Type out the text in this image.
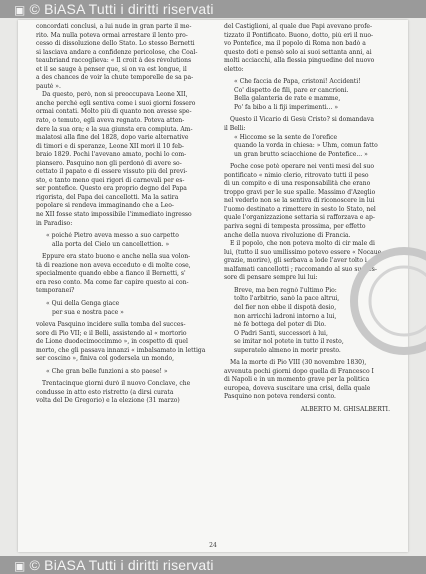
▣ © BiASA Tutti i diritti riservati
concordati conclusi, a lui nude in gran parte il me-
rito. Ma nulla poteva ormai arrestare il lento pro-
cesso di dissoluzione dello Stato. Lo stesso Bernetti
si lasciava andare a confidenze pericolose, che Coal-
teaubriand raccoglieva: « Il croit à des révolutions
et il se sauge à penser que, si on va est longue, il
a des chances de voir la chute temporelle de sa pa-
pauté ».
Da questo, però, non si preoccupava Leone XII,
anche perché egli sentiva come i suoi giorni fossero
ormai contati. Molto più di quanto non avesse spe-
rato, o temuto, egli aveva regnato. Poteva atten-
dere la sua ora; e la sua giunsta era compiuta. Am-
malatosi alla fine del 1828, dopo varie alternative
di timori e di speranze, Leone XII morì il 10 feb-
braio 1829. Pochi l'avevano amato, pochi lo com-
piansero. Pasquino non gli perdonò di avere so-
cettato il papato e di essere vissuto più del previ-
sto, e tanto meno quei rigori di carnevali per es-
ser pontefice. Questo era proprio degno del Papa
rigorista, del Papa dei cancellotti. Ma la satira
popolare si rendeva immaginando che a Leo-
ne XII fosse stato impossibile l'immediato ingresso
in Paradiso:
« poiché Pietro aveva messo a suo carpetto
alla porta del Cielo un cancellettion. »
Eppure era stato buono e anche nella sua volon-
tà di reazione non aveva ecceduto e di molte cose,
specialmente quando ebbe a fianco il Bernetti, s'
era reso conto. Ma come far capire questo ai con-
temporanei?
« Qui della Genga giace
per sua e nostra pace »
voleva Pasquino incidere sulla tomba del succes-
sore di Pio VII; e il Belli, assistendo al « mortorio
de Lione duodecimoccimmo », in cospetto di quel
morto, che gli passava innanzi « imbalsamato in lettiga
ser coscino », finiva col godersela un mondo,
« Che gran belle funzioni a sto paese! »
Trentacinque giorni durò il nuovo Conclave, che
condusse in atto esto ristretto (a dirsi curata
volta del De Gregorio) e la elezione (31 marzo)
del Castiglioni, al quale due Papi avevano profe-
tizzato il Pontificato. Buono, dotto, più eri il nuo-
vo Pontefice, ma il popolo di Roma non badò a
questo doti e pensò solo ai suoi settanta anni, ai
molti acciacchi, alla flessia pinguedine del nuovo
eletto:
« Che faccia de Papa, cristoni! Accidenti!
Co' dispetto de fili, pare er cancrioni.
Bella galanteria de rate e mamme,
Po' fa bibo a li fiji imperimenti... »
Questo il Vicario di Gesù Cristo? si domandava
il Belli:
« Hiccome se la sente de l'orefice
quando la vorda in chiesa: » Uhm, comun fatto
un gran brutto sciacchione de Pontefice... »
Poche cose potè operare nei venti mesi del suo
pontificato « nimio clerio, ritrovato tutti il peso
di un compito e di una responsabilità che erano
troppo gravi per le sue spalle. Massimo d'Azeglio
nel vederlo non se la sentiva di riconoscere in lui
l'uomo destinato a rimettere in sesto lo Stato, nel
quale l'organizzazione settaria si rafforzava e ap-
pariva segni di tempesta prossima, per effetto
anche della nuova rivoluzione di Francia.
E il popolo, che non poteva molto di cir male di
lui, (tutto il suo umilissimo potevo essere « Nocaue,
grazie, morire), gli serbava a lode l'aver tolto i
malfamati cancellotti ; raccomando al suo succes-
sore di pensare sempre lui lui:
Breve, ma ben regnò l'ultimo Pio:
tolto l'arbitrio, sanò la pace altrui,
del fier non ebbe il dispotà desio,
non arricchì ladroni intorno a lui,
nè fè bottega del poter di Dio.
O Padri Santi, successori à lui,
se imitar nol potete in tutto il resto,
superatelo almeno in morir presto.
Ma la morte di Pio VIII (30 novembre 1830),
avvenuta pochi giorni dopo quella di Francesco I
di Napoli e in un momento grave per la politica
europea, doveva suscitare una crisi, della quale
Pasquino non poteva rendersi conto.
ALBERTO M. GHISALBERTI.
24
▣ © BiASA Tutti i diritti riservati
